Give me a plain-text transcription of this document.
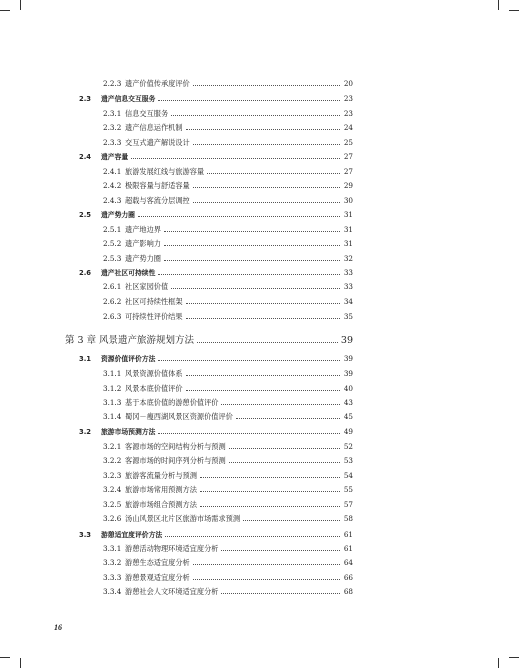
2.2.3 遗产价值传承度评价	20
2.3	遗产信息交互服务	23
2.3.1 信息交互服务	23
2.3.2 遗产信息运作机制	24
2.3.3 交互式遗产解说设计	25
2.4	遗产容量	27
2.4.1 旅游发展红线与旅游容量	27
2.4.2 极限容量与舒适容量	29
2.4.3 超载与客流分层调控	30
2.5	遗产势力圈	31
2.5.1 遗产地边界	31
2.5.2 遗产影响力	31
2.5.3 遗产势力圈	32
2.6	遗产社区可持续性	33
2.6.1 社区家园价值	33
2.6.2 社区可持续性框架	34
2.6.3 可持续性评价结果	35
第 3 章 风景遗产旅游规划方法	39
3.1	资源价值评价方法	39
3.1.1 风景资源价值体系	39
3.1.2 风景本底价值评价	40
3.1.3 基于本底价值的游憩价值评价	43
3.1.4 蜀冈－瘦西湖风景区资源价值评价	45
3.2	旅游市场预测方法	49
3.2.1 客源市场的空间结构分析与预测	52
3.2.2 客源市场的时间序列分析与预测	53
3.2.3 旅游客流量分析与预测	54
3.2.4 旅游市场常用预测方法	55
3.2.5 旅游市场组合预测方法	57
3.2.6 汤山风景区北片区旅游市场需求预测	58
3.3	游憩适宜度评价方法	61
3.3.1 游憩活动物理环境适宜度分析	61
3.3.2 游憩生态适宜度分析	64
3.3.3 游憩景观适宜度分析	66
3.3.4 游憩社会人文环境适宜度分析	68
16
